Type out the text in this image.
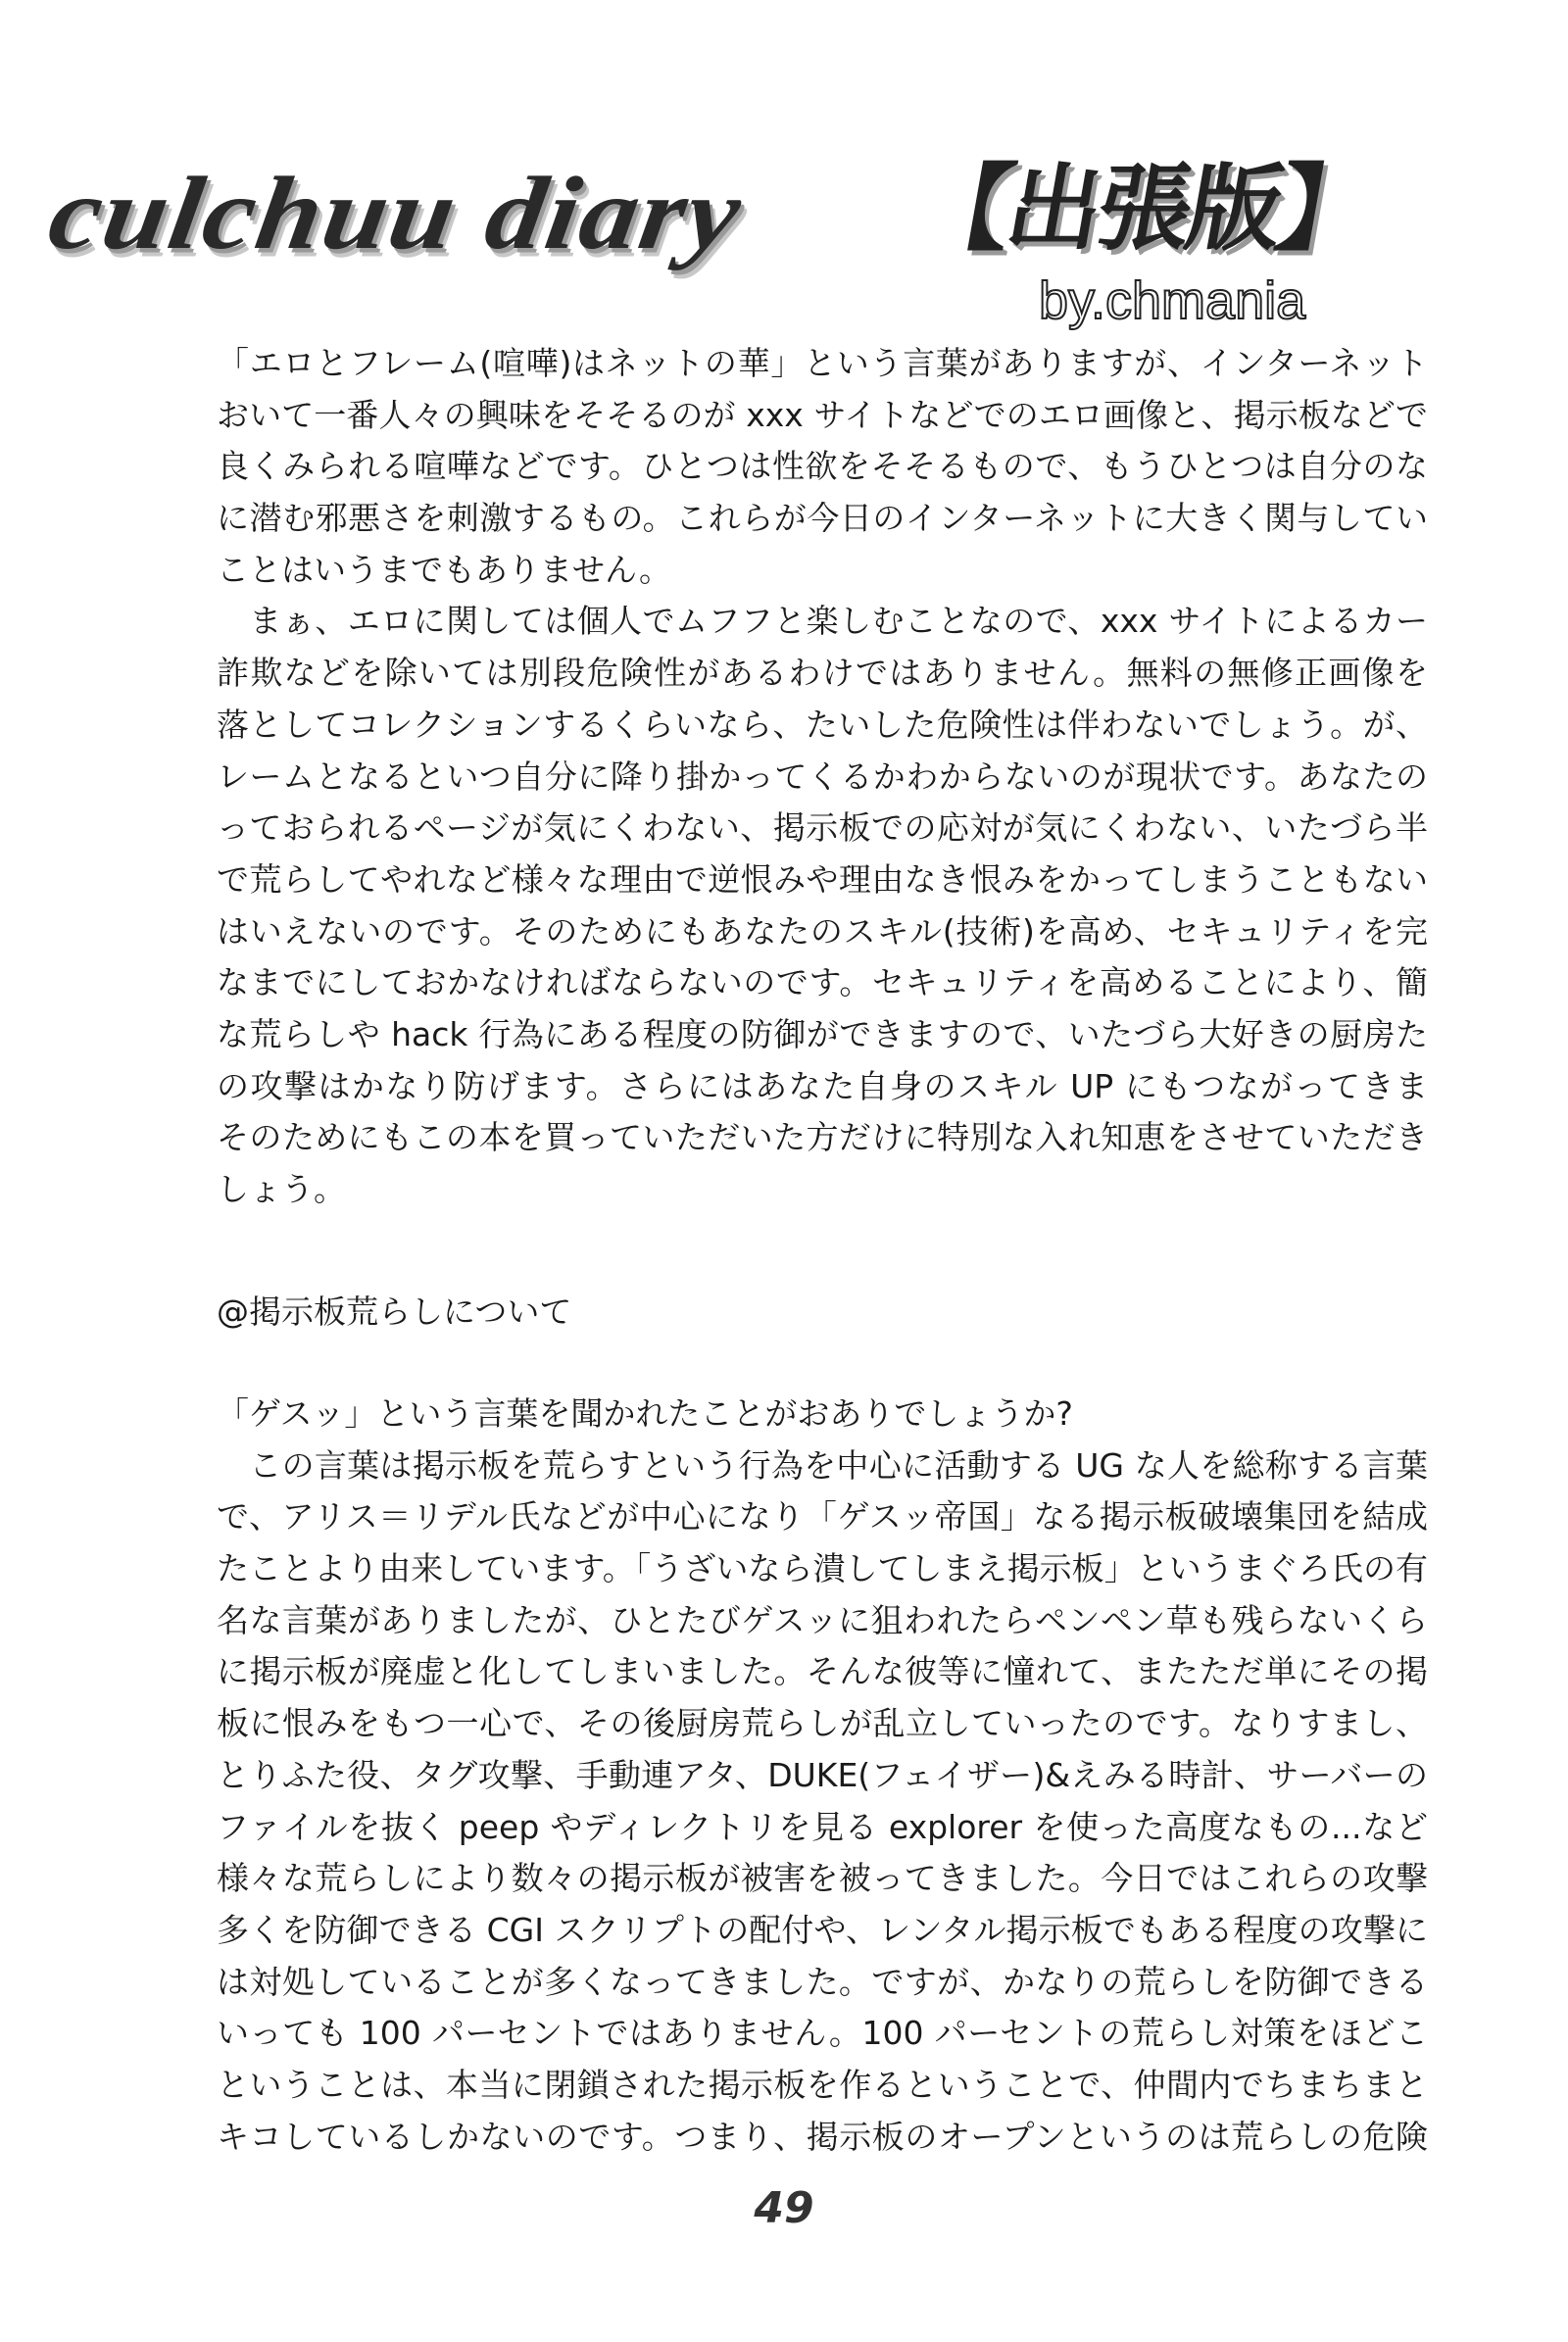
culchuu diary 【出張版】
by.chmania
「エロとフレーム(喧嘩)はネットの華」という言葉がありますが、インターネット
おいて一番人々の興味をそそるのが xxx サイトなどでのエロ画像と、掲示板などで
良くみられる喧嘩などです。ひとつは性欲をそそるもので、もうひとつは自分のな
に潜む邪悪さを刺激するもの。これらが今日のインターネットに大きく関与してい
ことはいうまでもありません。
　まぁ、エロに関しては個人でムフフと楽しむことなので、xxx サイトによるカー
詐欺などを除いては別段危険性があるわけではありません。無料の無修正画像を
落としてコレクションするくらいなら、たいした危険性は伴わないでしょう。が、
レームとなるといつ自分に降り掛かってくるかわからないのが現状です。あなたの
っておられるページが気にくわない、掲示板での応対が気にくわない、いたづら半
で荒らしてやれなど様々な理由で逆恨みや理由なき恨みをかってしまうこともない
はいえないのです。そのためにもあなたのスキル(技術)を高め、セキュリティを完
なまでにしておかなければならないのです。セキュリティを高めることにより、簡
な荒らしや hack 行為にある程度の防御ができますので、いたづら大好きの厨房た
の攻撃はかなり防げます。さらにはあなた自身のスキル UP にもつながってきま
そのためにもこの本を買っていただいた方だけに特別な入れ知恵をさせていただき
しょう。
@掲示板荒らしについて
「ゲスッ」という言葉を聞かれたことがおありでしょうか?
　この言葉は掲示板を荒らすという行為を中心に活動する UG な人を総称する言葉
で、アリス＝リデル氏などが中心になり「ゲスッ帝国」なる掲示板破壊集団を結成
たことより由来しています。「うざいなら潰してしまえ掲示板」というまぐろ氏の有
名な言葉がありましたが、ひとたびゲスッに狙われたらペンペン草も残らないくら
に掲示板が廃虚と化してしまいました。そんな彼等に憧れて、またただ単にその掲
板に恨みをもつ一心で、その後厨房荒らしが乱立していったのです。なりすまし、
とりふた役、タグ攻撃、手動連アタ、DUKE(フェイザー)&えみる時計、サーバーの
ファイルを抜く peep やディレクトリを見る explorer を使った高度なもの...など
様々な荒らしにより数々の掲示板が被害を被ってきました。今日ではこれらの攻撃
多くを防御できる CGI スクリプトの配付や、レンタル掲示板でもある程度の攻撃に
は対処していることが多くなってきました。ですが、かなりの荒らしを防御できる
いっても 100 パーセントではありません。100 パーセントの荒らし対策をほどこ
ということは、本当に閉鎖された掲示板を作るということで、仲間内でちまちまと
キコしているしかないのです。つまり、掲示板のオープンというのは荒らしの危険
49
